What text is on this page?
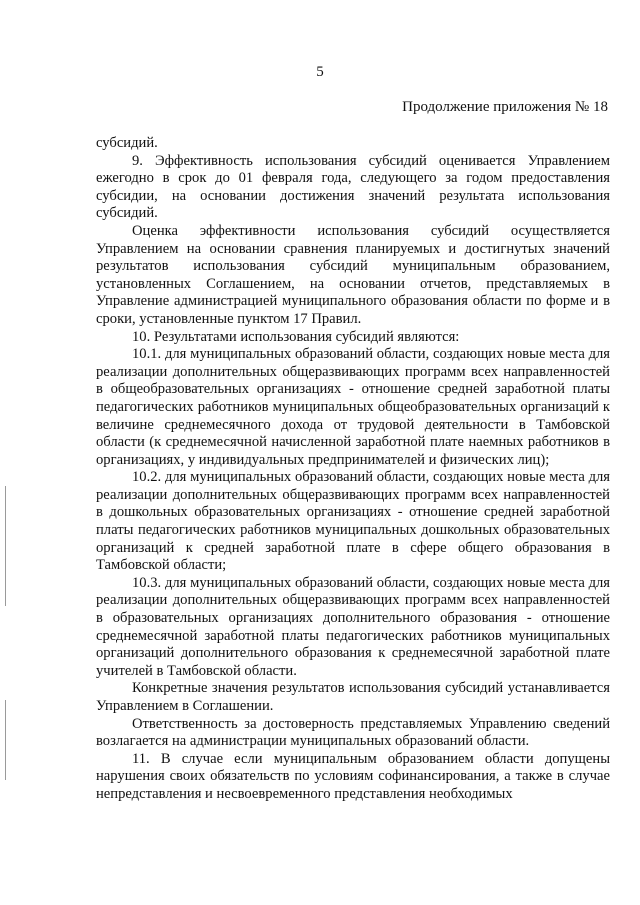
5
Продолжение приложения № 18

субсидий.

9. Эффективность использования субсидий оценивается Управлением ежегодно в срок до 01 февраля года, следующего за годом предоставления субсидии, на основании достижения значений результата использования субсидий.

Оценка эффективности использования субсидий осуществляется Управлением на основании сравнения планируемых и достигнутых значений результатов использования субсидий муниципальным образованием, установленных Соглашением, на основании отчетов, представляемых в Управление администрацией муниципального образования области по форме и в сроки, установленные пунктом 17 Правил.

10. Результатами использования субсидий являются:

10.1. для муниципальных образований области, создающих новые места для реализации дополнительных общеразвивающих программ всех направленностей в общеобразовательных организациях - отношение средней заработной платы педагогических работников муниципальных общеобразовательных организаций к величине среднемесячного дохода от трудовой деятельности в Тамбовской области (к среднемесячной начисленной заработной плате наемных работников в организациях, у индивидуальных предпринимателей и физических лиц);

10.2. для муниципальных образований области, создающих новые места для реализации дополнительных общеразвивающих программ всех направленностей в дошкольных образовательных организациях - отношение средней заработной платы педагогических работников муниципальных дошкольных образовательных организаций к средней заработной плате в сфере общего образования в Тамбовской области;

10.3. для муниципальных образований области, создающих новые места для реализации дополнительных общеразвивающих программ всех направленностей в образовательных организациях дополнительного образования - отношение среднемесячной заработной платы педагогических работников муниципальных организаций дополнительного образования к среднемесячной заработной плате учителей в Тамбовской области.

Конкретные значения результатов использования субсидий устанавливается Управлением в Соглашении.

Ответственность за достоверность представляемых Управлению сведений возлагается на администрации муниципальных образований области.

11. В случае если муниципальным образованием области допущены нарушения своих обязательств по условиям софинансирования, а также в случае непредставления и несвоевременного представления необходимых
